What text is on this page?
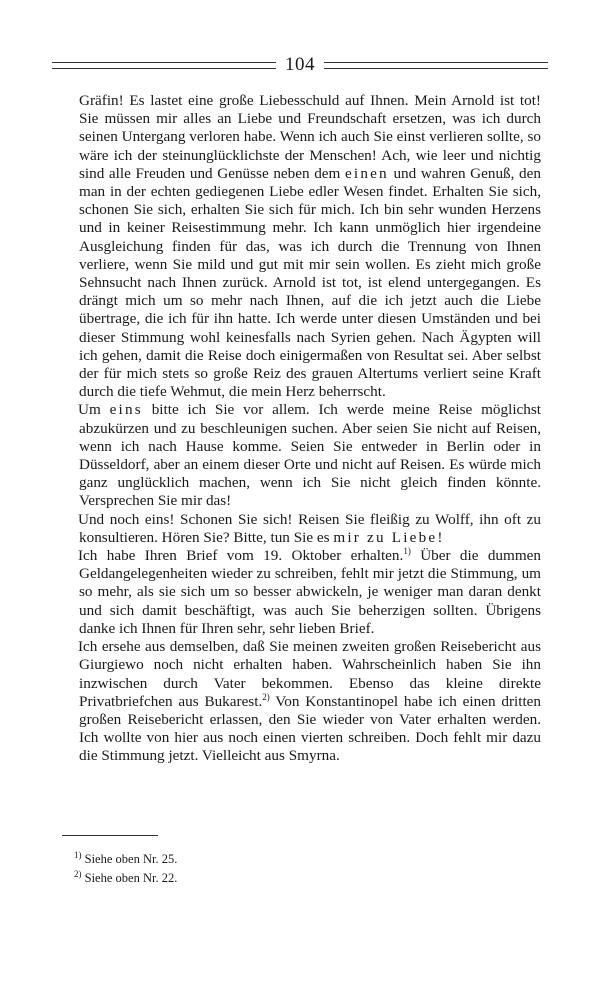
104

Gräfin! Es lastet eine große Liebesschuld auf Ihnen. Mein Arnold ist tot! Sie müssen mir alles an Liebe und Freundschaft ersetzen, was ich durch seinen Untergang verloren habe. Wenn ich auch Sie einst verlieren sollte, so wäre ich der steinunglücklichste der Menschen! Ach, wie leer und nichtig sind alle Freuden und Genüsse neben dem einen und wahren Genuß, den man in der echten gediegenen Liebe edler Wesen findet. Erhalten Sie sich, schonen Sie sich, erhalten Sie sich für mich. Ich bin sehr wunden Herzens und in keiner Reisestimmung mehr. Ich kann unmöglich hier irgendeine Ausgleichung finden für das, was ich durch die Trennung von Ihnen verliere, wenn Sie mild und gut mit mir sein wollen. Es zieht mich große Sehnsucht nach Ihnen zurück. Arnold ist tot, ist elend untergegangen. Es drängt mich um so mehr nach Ihnen, auf die ich jetzt auch die Liebe übertrage, die ich für ihn hatte. Ich werde unter diesen Umständen und bei dieser Stimmung wohl keinesfalls nach Syrien gehen. Nach Ägypten will ich gehen, damit die Reise doch einigermaßen von Resultat sei. Aber selbst der für mich stets so große Reiz des grauen Altertums verliert seine Kraft durch die tiefe Wehmut, die mein Herz beherrscht.

Um eins bitte ich Sie vor allem. Ich werde meine Reise möglichst abzukürzen und zu beschleunigen suchen. Aber seien Sie nicht auf Reisen, wenn ich nach Hause komme. Seien Sie entweder in Berlin oder in Düsseldorf, aber an einem dieser Orte und nicht auf Reisen. Es würde mich ganz unglücklich machen, wenn ich Sie nicht gleich finden könnte. Versprechen Sie mir das!

Und noch eins! Schonen Sie sich! Reisen Sie fleißig zu Wolff, ihn oft zu konsultieren. Hören Sie? Bitte, tun Sie es mir zu Liebe!

Ich habe Ihren Brief vom 19. Oktober erhalten.$^{1)}$ Über die dummen Geldangelegenheiten wieder zu schreiben, fehlt mir jetzt die Stimmung, um so mehr, als sie sich um so besser abwickeln, je weniger man daran denkt und sich damit beschäftigt, was auch Sie beherzigen sollten. Übrigens danke ich Ihnen für Ihren sehr, sehr lieben Brief.

Ich ersehe aus demselben, daß Sie meinen zweiten großen Reisebericht aus Giurgiewo noch nicht erhalten haben. Wahrscheinlich haben Sie ihn inzwischen durch Vater bekommen. Ebenso das kleine direkte Privatbriefchen aus Bukarest.$^{2)}$ Von Konstantinopel habe ich einen dritten großen Reisebericht erlassen, den Sie wieder von Vater erhalten werden. Ich wollte von hier aus noch einen vierten schreiben. Doch fehlt mir dazu die Stimmung jetzt. Vielleicht aus Smyrna.

$^{1)}$ Siehe oben Nr. 25.
$^{2)}$ Siehe oben Nr. 22.
